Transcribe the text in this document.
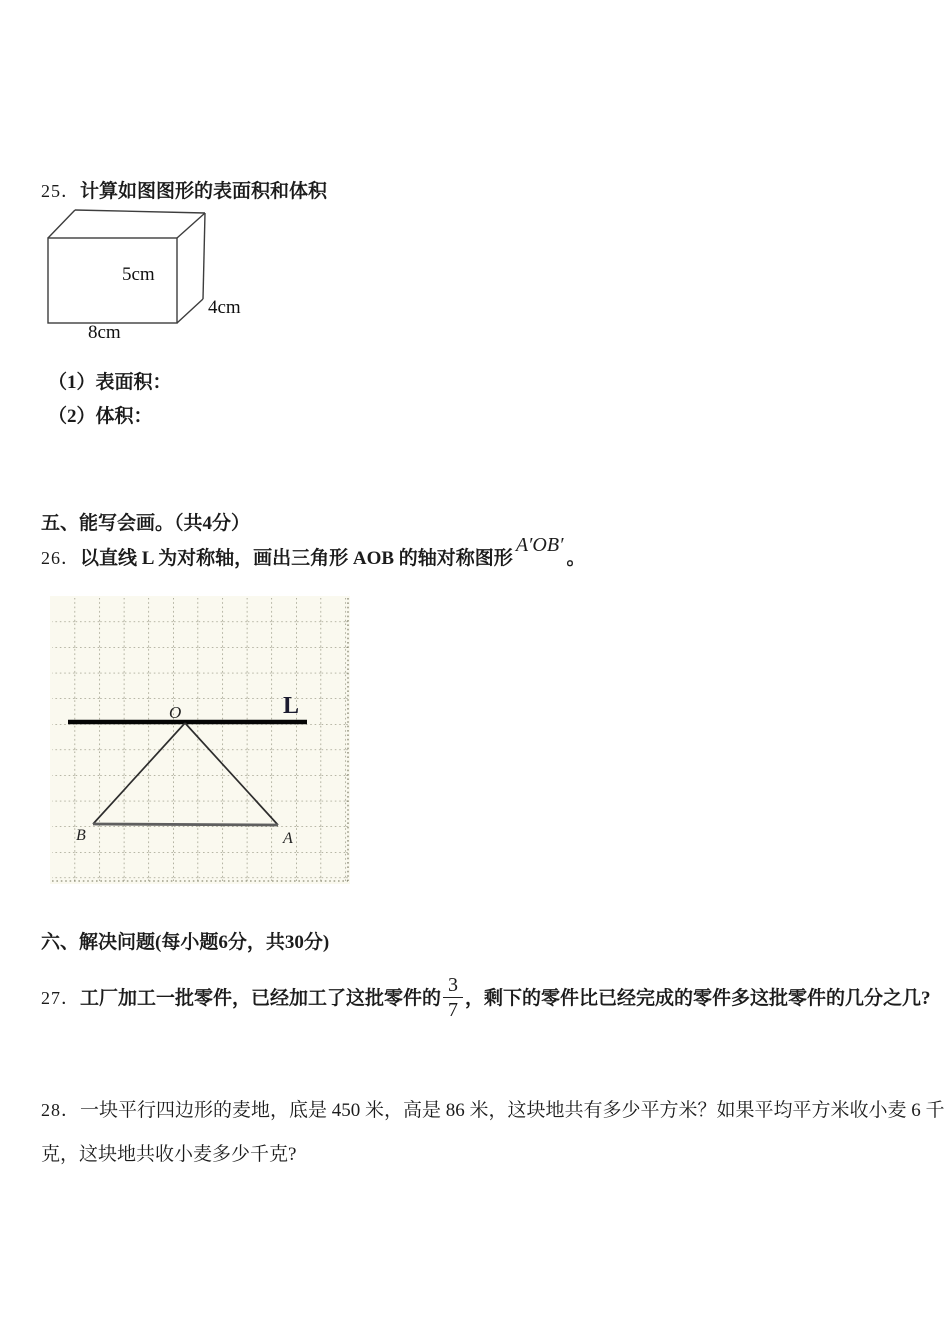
25．计算如图图形的表面积和体积
5cm
4cm
8cm
（1）表面积：
（2）体积：
五、能写会画。（共4分）
26．以直线 L 为对称轴，画出三角形 AOB 的轴对称图形A′OB′。
L
O
B	A
六、解决问题(每小题6分，共30分)
27．工厂加工一批零件，已经加工了这批零件的 $\frac{3}{7}$ ，剩下的零件比已经完成的零件多这批零件的几分之几?
28．一块平行四边形的麦地，底是 450 米，高是 86 米，这块地共有多少平方米？如果平均平方米收小麦 6 千克，这块地共收小麦多少千克?
